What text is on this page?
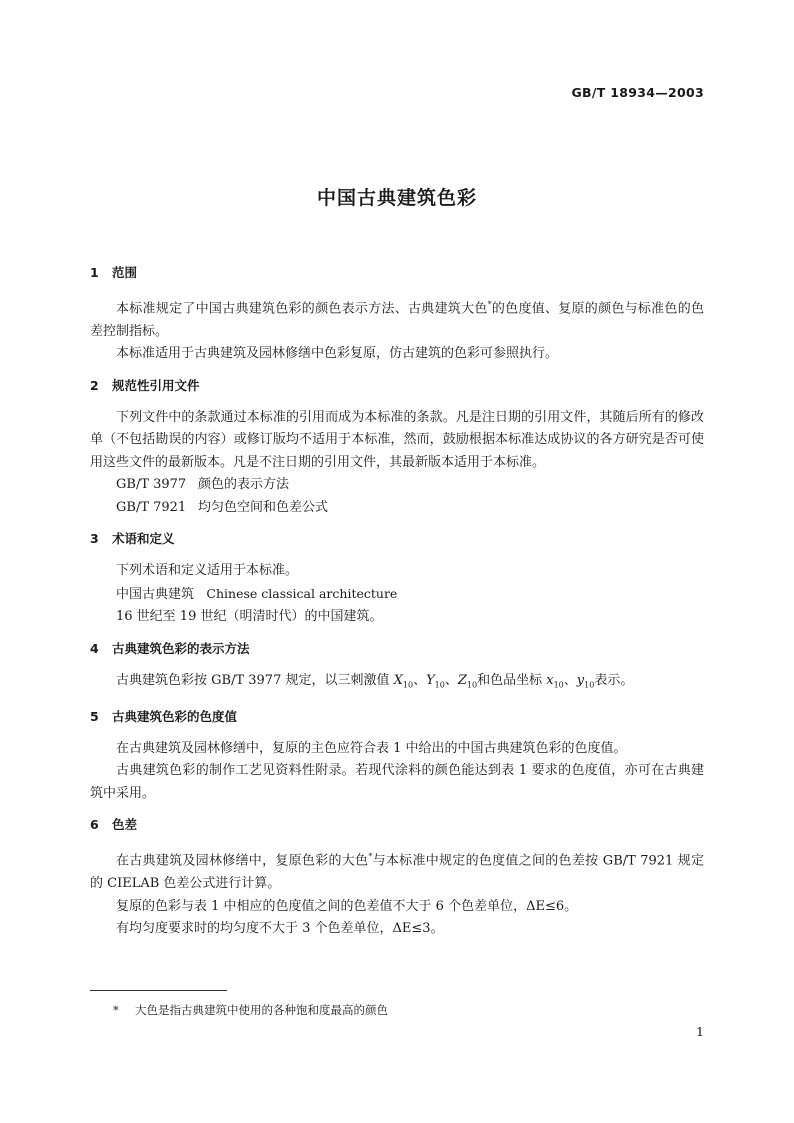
GB/T 18934—2003
中国古典建筑色彩
1 范围

本标准规定了中国古典建筑色彩的颜色表示方法、古典建筑大色*的色度值、复原的颜色与标准色的色差控制指标。

本标准适用于古典建筑及园林修缮中色彩复原，仿古建筑的色彩可参照执行。

2 规范性引用文件

下列文件中的条款通过本标准的引用而成为本标准的条款。凡是注日期的引用文件，其随后所有的修改单（不包括勘误的内容）或修订版均不适用于本标准，然而，鼓励根据本标准达成协议的各方研究是否可使用这些文件的最新版本。凡是不注日期的引用文件，其最新版本适用于本标准。

GB/T 3977 颜色的表示方法

GB/T 7921 均匀色空间和色差公式

3 术语和定义

下列术语和定义适用于本标准。

中国古典建筑 Chinese classical architecture

16 世纪至 19 世纪（明清时代）的中国建筑。

4 古典建筑色彩的表示方法

古典建筑色彩按 GB/T 3977 规定，以三刺激值 $X_{10}$、$Y_{10}$、$Z_{10}$和色品坐标 $x_{10}$、$y_{10}$表示。

5 古典建筑色彩的色度值

在古典建筑及园林修缮中，复原的主色应符合表 1 中给出的中国古典建筑色彩的色度值。

古典建筑色彩的制作工艺见资料性附录。若现代涂料的颜色能达到表 1 要求的色度值，亦可在古典建筑中采用。

6 色差

在古典建筑及园林修缮中，复原色彩的大色*与本标准中规定的色度值之间的色差按 GB/T 7921 规定的 CIELAB 色差公式进行计算。

复原的色彩与表 1 中相应的色度值之间的色差值不大于 6 个色差单位，ΔE≤6。

有均匀度要求时的均匀度不大于 3 个色差单位，ΔE≤3。

* 大色是指古典建筑中使用的各种饱和度最高的颜色
1
